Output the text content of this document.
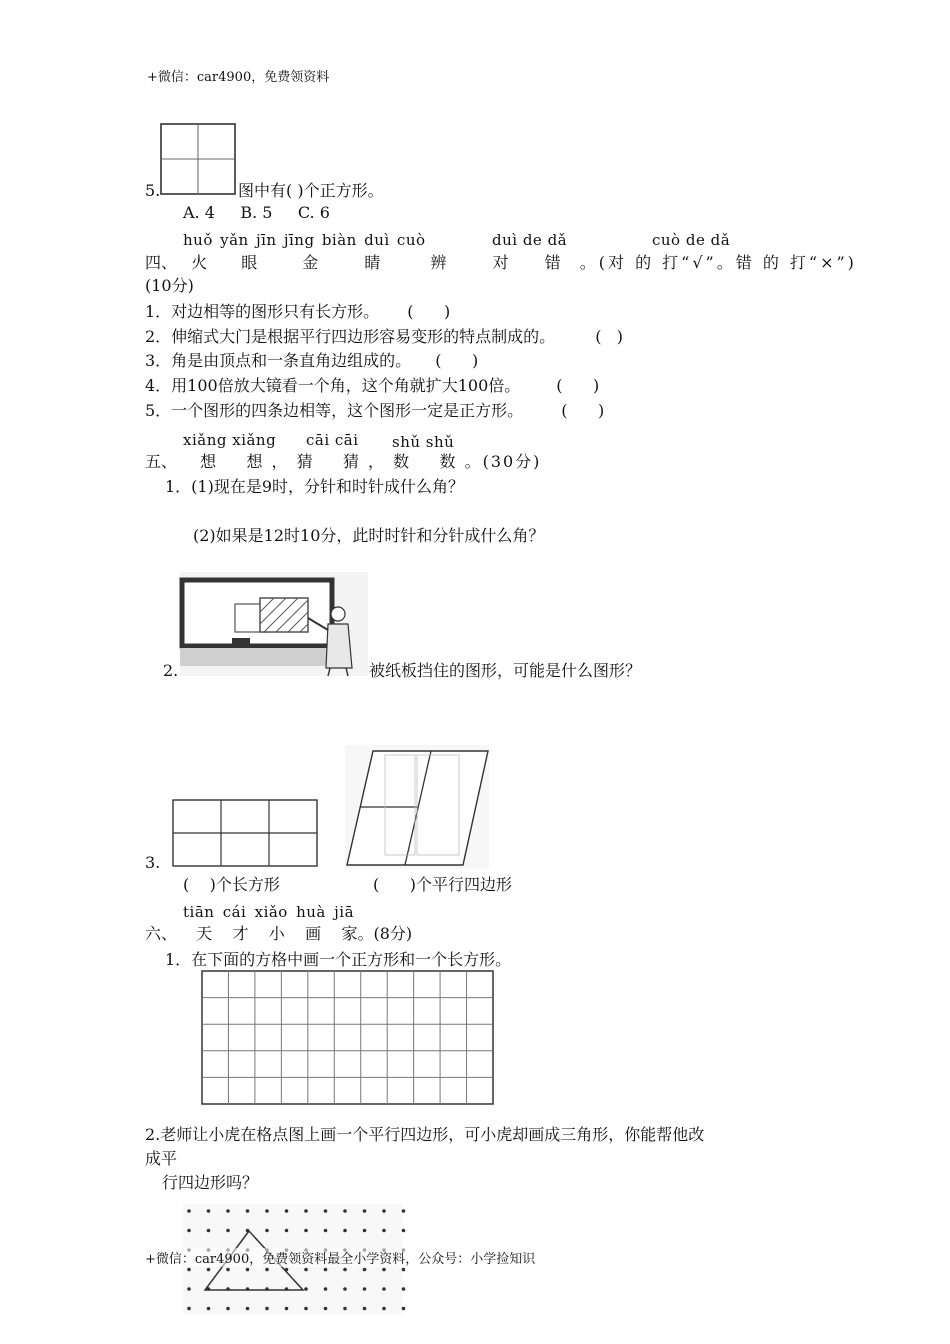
+微信：car4900，免费领资料
5.	图中有( )个正方形。
A. 4     B. 5     C. 6
huǒ yǎn jīn jīng biàn duì cuò	duì de dǎ	cuò de dǎ
四、 火 眼	金	睛	辨	对 错 。(对 的 打“√”。错 的 打“×”)
(10分)
1．对边相等的图形只有长方形。 (      )
2．伸缩式大门是根据平行四边形容易变形的特点制成的。	(   )
3．角是由顶点和一条直角边组成的。 (      )
4．用100倍放大镜看一个角，这个角就扩大100倍。 (      )
5．一个图形的四条边相等，这个图形一定是正方形。 (      )
xiǎng xiǎng cāi cāi shǔ shǔ
五、 想    想 ， 猜    猜 ， 数    数 。(30分)
1．(1)现在是9时，分针和时针成什么角？
(2)如果是12时10分，此时时针和分针成什么角？
2.	被纸板挡住的图形，可能是什么图形？
3.
(    )个长方形	(      )个平行四边形
tiān cái xiǎo huà jiā
六、 天    才    小    画    家。(8分)
1．在下面的方格中画一个正方形和一个长方形。
2.老师让小虎在格点图上画一个平行四边形，可小虎却画成三角形，你能帮他改
成平
行四边形吗？
+微信：car4900，免费领资料最全小学资料，公众号：小学捡知识
